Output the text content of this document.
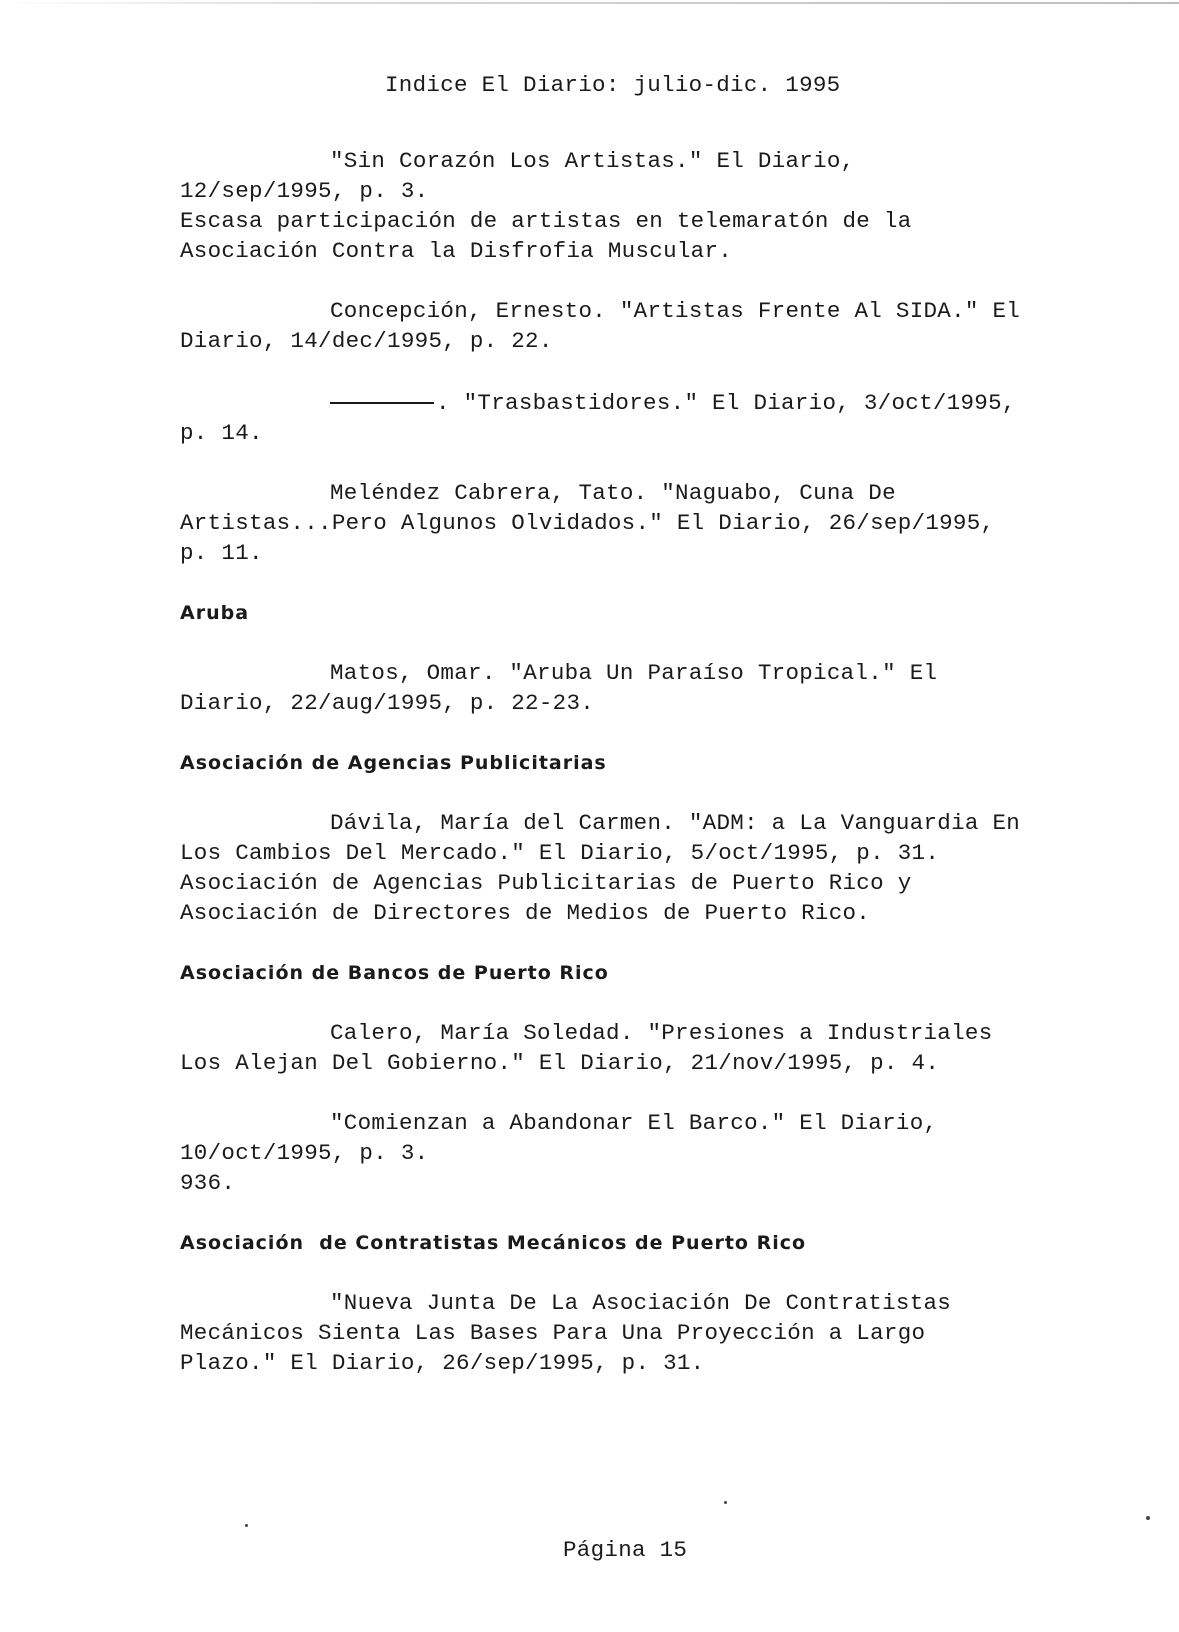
Indice El Diario: julio-dic. 1995
"Sin Corazón Los Artistas." El Diario,
12/sep/1995, p. 3.
Escasa participación de artistas en telemaratón de la
Asociación Contra la Disfrofia Muscular.
Concepción, Ernesto. "Artistas Frente Al SIDA." El
Diario, 14/dec/1995, p. 22.
. "Trasbastidores." El Diario, 3/oct/1995,
p. 14.
Meléndez Cabrera, Tato. "Naguabo, Cuna De
Artistas...Pero Algunos Olvidados." El Diario, 26/sep/1995,
p. 11.
Aruba
Matos, Omar. "Aruba Un Paraíso Tropical." El
Diario, 22/aug/1995, p. 22-23.
Asociación de Agencias Publicitarias
Dávila, María del Carmen. "ADM: a La Vanguardia En
Los Cambios Del Mercado." El Diario, 5/oct/1995, p. 31.
Asociación de Agencias Publicitarias de Puerto Rico y
Asociación de Directores de Medios de Puerto Rico.
Asociación de Bancos de Puerto Rico
Calero, María Soledad. "Presiones a Industriales
Los Alejan Del Gobierno." El Diario, 21/nov/1995, p. 4.
"Comienzan a Abandonar El Barco." El Diario,
10/oct/1995, p. 3.
936.
Asociación  de Contratistas Mecánicos de Puerto Rico
"Nueva Junta De La Asociación De Contratistas
Mecánicos Sienta Las Bases Para Una Proyección a Largo
Plazo." El Diario, 26/sep/1995, p. 31.
Página 15
